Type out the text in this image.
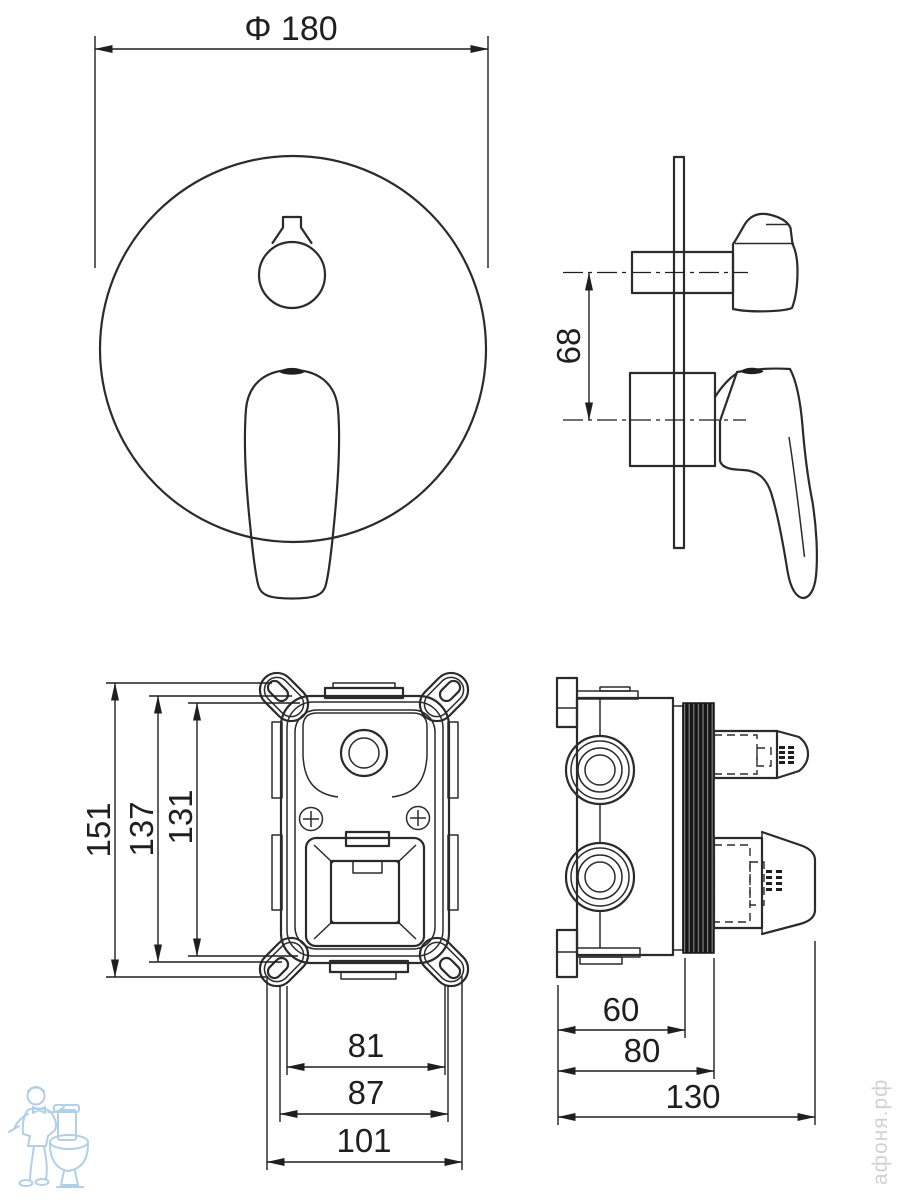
Φ 180
68
151 137 131
81
87
101
60
80
130	афоня.рф
